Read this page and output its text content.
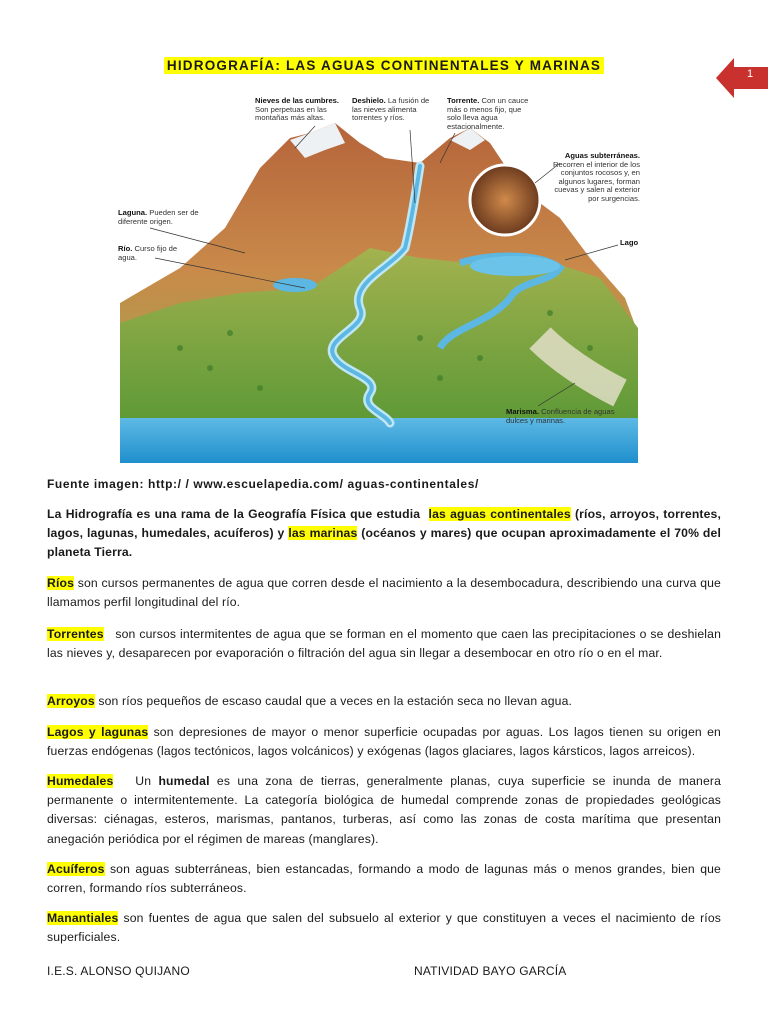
HIDROGRAFÍA: LAS AGUAS CONTINENTALES Y MARINAS
1
Nieves de las cumbres. Son perpetuas en las montañas más altas.
Deshielo. La fusión de las nieves alimenta torrentes y ríos.
Torrente. Con un cauce más o menos fijo, que solo lleva agua estacionalmente.
Aguas subterráneas. Recorren el interior de los conjuntos rocosos y, en algunos lugares, forman cuevas y salen al exterior por surgencias.
Laguna. Pueden ser de diferente origen.
Río. Curso fijo de agua.
Lago
Marisma. Confluencia de aguas dulces y marinas.
Fuente imagen: http:/ / www.escuelapedia.com/ aguas-continentales/
La Hidrografía es una rama de la Geografía Física que estudia las aguas continentales (ríos, arroyos, torrentes, lagos, lagunas, humedales, acuíferos) y las marinas (océanos y mares) que ocupan aproximadamente el 70% del planeta Tierra.
Ríos son cursos permanentes de agua que corren desde el nacimiento a la desembocadura, describiendo una curva que llamamos perfil longitudinal del río.
Torrentes son cursos intermitentes de agua que se forman en el momento que caen las precipitaciones o se deshielan las nieves y, desaparecen por evaporación o filtración del agua sin llegar a desembocar en otro río o en el mar.
Arroyos son ríos pequeños de escaso caudal que a veces en la estación seca no llevan agua.
Lagos y lagunas son depresiones de mayor o menor superficie ocupadas por aguas. Los lagos tienen su origen en fuerzas endógenas (lagos tectónicos, lagos volcánicos) y exógenas (lagos glaciares, lagos kársticos, lagos arreicos).
Humedales Un humedal es una zona de tierras, generalmente planas, cuya superficie se inunda de manera permanente o intermitentemente. La categoría biológica de humedal comprende zonas de propiedades geológicas diversas: ciénagas, esteros, marismas, pantanos, turberas, así como las zonas de costa marítima que presentan anegación periódica por el régimen de mareas (manglares).
Acuíferos son aguas subterráneas, bien estancadas, formando a modo de lagunas más o menos grandes, bien que corren, formando ríos subterráneos.
Manantiales son fuentes de agua que salen del subsuelo al exterior y que constituyen a veces el nacimiento de ríos superficiales.
I.E.S. ALONSO QUIJANO	NATIVIDAD BAYO GARCÍA
